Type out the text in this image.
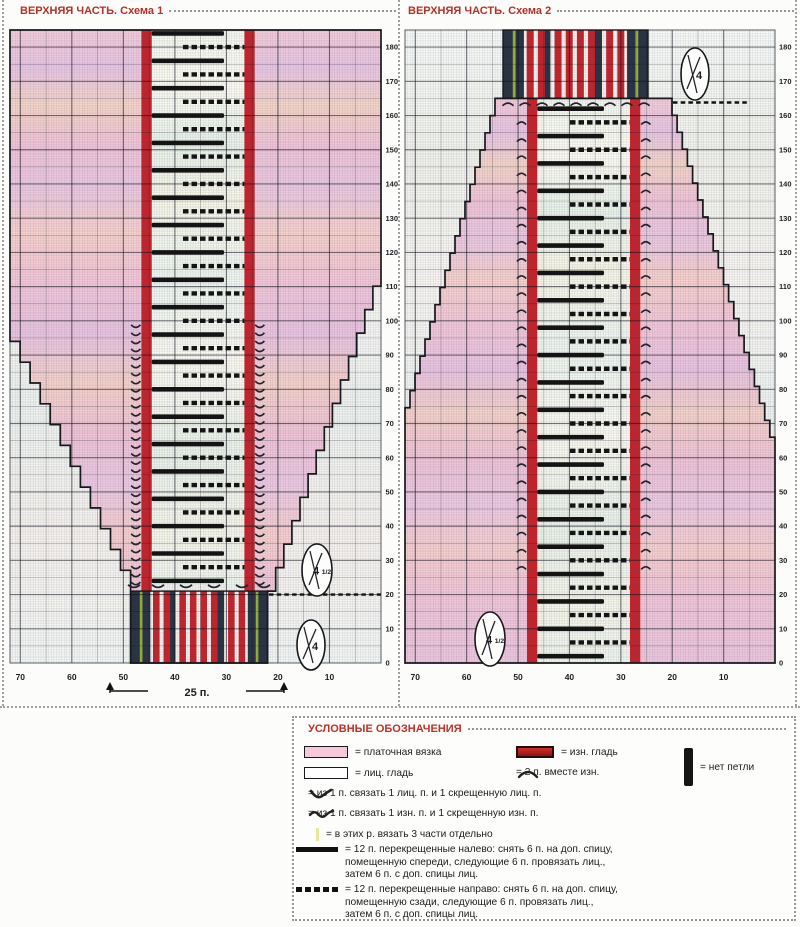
ВЕРХНЯЯ ЧАСТЬ. Схема 1	ВЕРХНЯЯ ЧАСТЬ. Схема 2
4 1/2
4
70	60	50	40	30	20	10
0
10
20
30
40
50
60
70
80
90
100
110
120
130
140
150
160
170
180
25 п.
4
4 1/2
70	60	50	40	30	20	10
0
10
20
30
40
50
60
70
80
90
100
110
120
130
140
150
160
170
180
УСЛОВНЫЕ ОБОЗНАЧЕНИЯ
= платочная вязка
= лиц. гладь
= изн. гладь
= 2 п. вместе изн.	= нет петли
= из 1 п. связать 1 лиц. п. и 1 скрещенную лиц. п.
= из 1 п. связать 1 изн. п. и 1 скрещенную изн. п.
= в этих р. вязать 3 части отдельно
= 12 п. перекрещенные налево: снять 6 п. на доп. спицу,
помещенную спереди, следующие 6 п. провязать лиц.,
затем 6 п. с доп. спицы лиц.
= 12 п. перекрещенные направо: снять 6 п. на доп. спицу,
помещенную сзади, следующие 6 п. провязать лиц.,
затем 6 п. с доп. спицы лиц.
